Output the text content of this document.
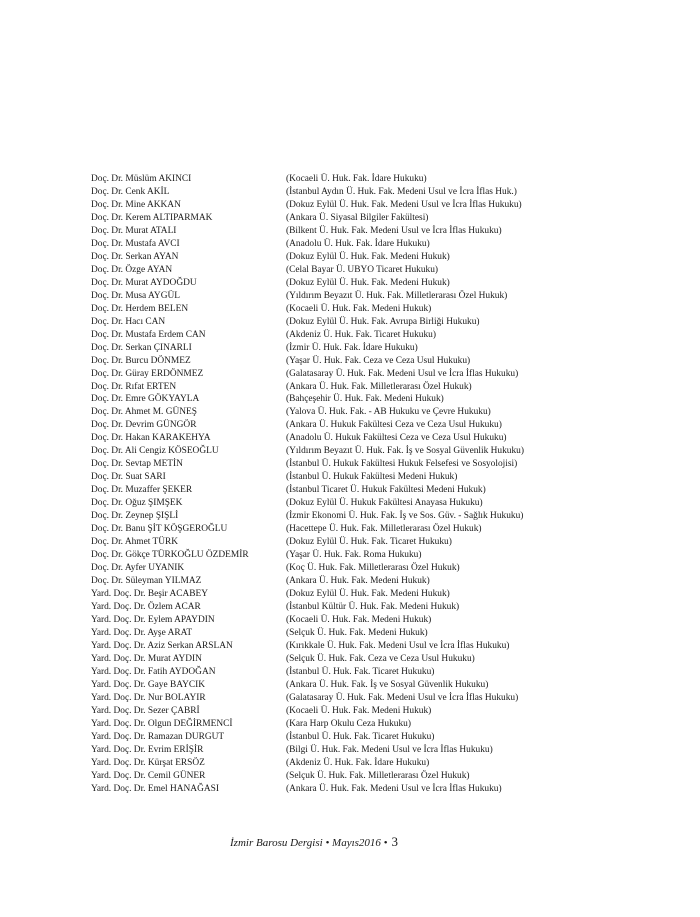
Doç. Dr. Müslüm AKINCI	(Kocaeli Ü. Huk. Fak. İdare Hukuku)
Doç. Dr. Cenk AKİL	(İstanbul Aydın Ü. Huk. Fak. Medeni Usul ve İcra İflas Huk.)
Doç. Dr. Mine AKKAN	(Dokuz Eylül Ü. Huk. Fak. Medeni Usul ve İcra İflas Hukuku)
Doç. Dr. Kerem ALTIPARMAK	(Ankara Ü. Siyasal Bilgiler Fakültesi)
Doç. Dr. Murat ATALI	(Bilkent Ü. Huk. Fak. Medeni Usul ve İcra İflas Hukuku)
Doç. Dr. Mustafa AVCI	(Anadolu Ü. Huk. Fak. İdare Hukuku)
Doç. Dr. Serkan AYAN	(Dokuz Eylül Ü. Huk. Fak. Medeni Hukuk)
Doç. Dr. Özge AYAN	(Celal Bayar Ü. UBYO Ticaret Hukuku)
Doç. Dr. Murat AYDOĞDU	(Dokuz Eylül Ü. Huk. Fak. Medeni Hukuk)
Doç. Dr. Musa AYGÜL	(Yıldırım Beyazıt Ü. Huk. Fak. Milletlerarası Özel Hukuk)
Doç. Dr. Herdem BELEN	(Kocaeli Ü. Huk. Fak. Medeni Hukuk)
Doç. Dr. Hacı CAN	(Dokuz Eylül Ü. Huk. Fak. Avrupa Birliği Hukuku)
Doç. Dr. Mustafa Erdem CAN	(Akdeniz Ü. Huk. Fak. Ticaret Hukuku)
Doç. Dr. Serkan ÇINARLI	(İzmir Ü. Huk. Fak. İdare Hukuku)
Doç. Dr. Burcu DÖNMEZ	(Yaşar Ü. Huk. Fak. Ceza ve Ceza Usul Hukuku)
Doç. Dr. Güray ERDÖNMEZ	(Galatasaray Ü. Huk. Fak. Medeni Usul ve İcra İflas Hukuku)
Doç. Dr. Rıfat ERTEN	(Ankara Ü. Huk. Fak. Milletlerarası Özel Hukuk)
Doç. Dr. Emre GÖKYAYLA	(Bahçeşehir Ü. Huk. Fak. Medeni Hukuk)
Doç. Dr. Ahmet M. GÜNEŞ	(Yalova Ü. Huk. Fak. - AB Hukuku ve Çevre Hukuku)
Doç. Dr. Devrim GÜNGÖR	(Ankara Ü. Hukuk Fakültesi Ceza ve Ceza Usul Hukuku)
Doç. Dr. Hakan KARAKEHYA	(Anadolu Ü. Hukuk Fakültesi Ceza ve Ceza Usul Hukuku)
Doç. Dr. Ali Cengiz KÖSEOĞLU	(Yıldırım Beyazıt Ü. Huk. Fak. İş ve Sosyal Güvenlik Hukuku)
Doç. Dr. Sevtap METİN	(İstanbul Ü. Hukuk Fakültesi Hukuk Felsefesi ve Sosyolojisi)
Doç. Dr. Suat SARI	(İstanbul Ü. Hukuk Fakültesi Medeni Hukuk)
Doç. Dr. Muzaffer ŞEKER	(İstanbul Ticaret Ü. Hukuk Fakültesi Medeni Hukuk)
Doç. Dr. Oğuz ŞIMŞEK	(Dokuz Eylül Ü. Hukuk Fakültesi Anayasa Hukuku)
Doç. Dr. Zeynep ŞIŞLİ	(İzmir Ekonomi Ü. Huk. Fak. İş ve Sos. Güv. - Sağlık Hukuku)
Doç. Dr. Banu ŞİT KÖŞGEROĞLU	(Hacettepe Ü. Huk. Fak. Milletlerarası Özel Hukuk)
Doç. Dr. Ahmet TÜRK	(Dokuz Eylül Ü. Huk. Fak. Ticaret Hukuku)
Doç. Dr. Gökçe TÜRKOĞLU ÖZDEMİR	(Yaşar Ü. Huk. Fak. Roma Hukuku)
Doç. Dr. Ayfer UYANIK	(Koç Ü. Huk. Fak. Milletlerarası Özel Hukuk)
Doç. Dr. Süleyman YILMAZ	(Ankara Ü. Huk. Fak. Medeni Hukuk)
Yard. Doç. Dr. Beşir ACABEY	(Dokuz Eylül Ü. Huk. Fak. Medeni Hukuk)
Yard. Doç. Dr. Özlem ACAR	(İstanbul Kültür Ü. Huk. Fak. Medeni Hukuk)
Yard. Doç. Dr. Eylem APAYDIN	(Kocaeli Ü. Huk. Fak. Medeni Hukuk)
Yard. Doç. Dr. Ayşe ARAT	(Selçuk Ü. Huk. Fak. Medeni Hukuk)
Yard. Doç. Dr. Aziz Serkan ARSLAN	(Kırıkkale Ü. Huk. Fak. Medeni Usul ve İcra İflas Hukuku)
Yard. Doç. Dr. Murat AYDIN	(Selçuk Ü. Huk. Fak. Ceza ve Ceza Usul Hukuku)
Yard. Doç. Dr. Fatih AYDOĞAN	(İstanbul Ü. Huk. Fak. Ticaret Hukuku)
Yard. Doç. Dr. Gaye BAYCIK	(Ankara Ü. Huk. Fak. İş ve Sosyal Güvenlik Hukuku)
Yard. Doç. Dr. Nur BOLAYIR	(Galatasaray Ü. Huk. Fak. Medeni Usul ve İcra İflas Hukuku)
Yard. Doç. Dr. Sezer ÇABRİ	(Kocaeli Ü. Huk. Fak. Medeni Hukuk)
Yard. Doç. Dr. Olgun DEĞİRMENCİ	(Kara Harp Okulu Ceza Hukuku)
Yard. Doç. Dr. Ramazan DURGUT	(İstanbul Ü. Huk. Fak. Ticaret Hukuku)
Yard. Doç. Dr. Evrim ERİŞİR	(Bilgi Ü. Huk. Fak. Medeni Usul ve İcra İflas Hukuku)
Yard. Doç. Dr. Kürşat ERSÖZ	(Akdeniz Ü. Huk. Fak. İdare Hukuku)
Yard. Doç. Dr. Cemil GÜNER	(Selçuk Ü. Huk. Fak. Milletlerarası Özel Hukuk)
Yard. Doç. Dr. Emel HANAĞASI	(Ankara Ü. Huk. Fak. Medeni Usul ve İcra İflas Hukuku)
İzmir Barosu Dergisi • Mayıs2016 • 3
